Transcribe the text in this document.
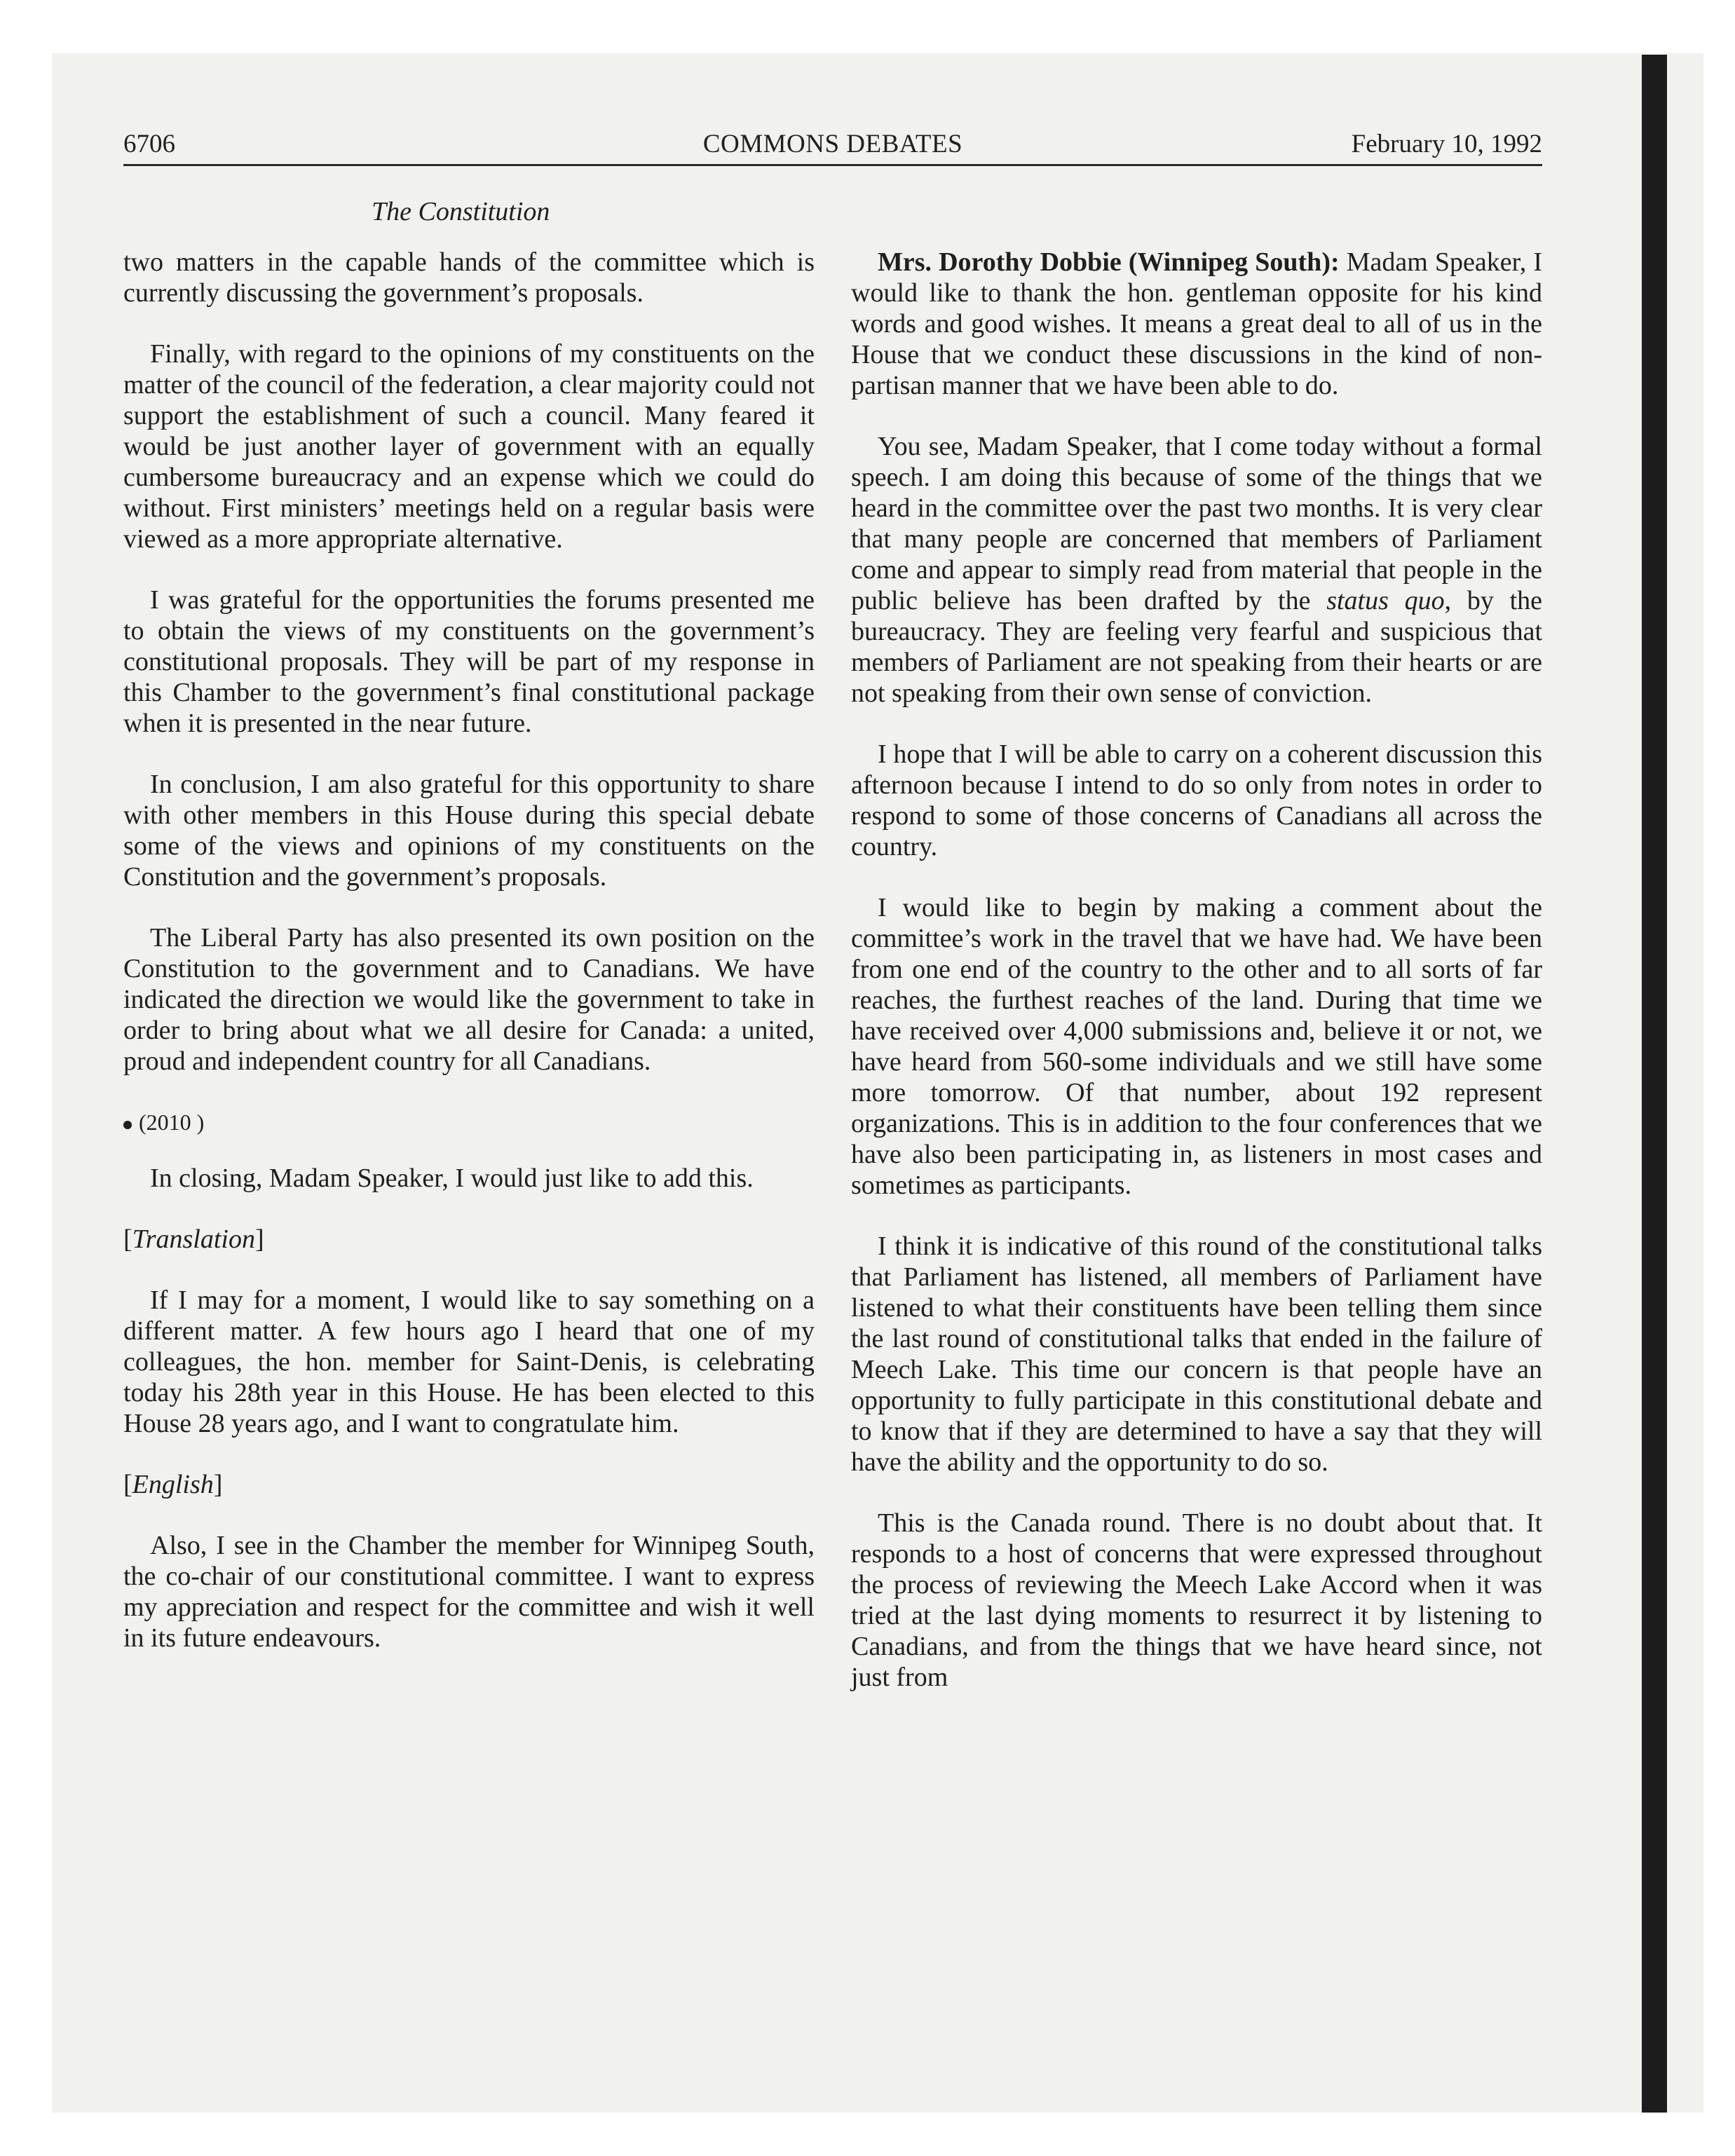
6706	COMMONS DEBATES	February 10, 1992
The Constitution

two matters in the capable hands of the committee which is currently discussing the government’s proposals.

Finally, with regard to the opinions of my constituents on the matter of the council of the federation, a clear majority could not support the establishment of such a council. Many feared it would be just another layer of government with an equally cumbersome bureaucracy and an expense which we could do without. First ministers’ meetings held on a regular basis were viewed as a more appropriate alternative.

I was grateful for the opportunities the forums presented me to obtain the views of my constituents on the government’s constitutional proposals. They will be part of my response in this Chamber to the government’s final constitutional package when it is presented in the near future.

In conclusion, I am also grateful for this opportunity to share with other members in this House during this special debate some of the views and opinions of my constituents on the Constitution and the government’s proposals.

The Liberal Party has also presented its own position on the Constitution to the government and to Canadians. We have indicated the direction we would like the government to take in order to bring about what we all desire for Canada: a united, proud and independent country for all Canadians.

(2010 )

In closing, Madam Speaker, I would just like to add this.

[Translation]

If I may for a moment, I would like to say something on a different matter. A few hours ago I heard that one of my colleagues, the hon. member for Saint-Denis, is celebrating today his 28th year in this House. He has been elected to this House 28 years ago, and I want to congratulate him.

[English]

Also, I see in the Chamber the member for Winnipeg South, the co-chair of our constitutional committee. I want to express my appreciation and respect for the committee and wish it well in its future endeavours.

Mrs. Dorothy Dobbie (Winnipeg South): Madam Speaker, I would like to thank the hon. gentleman opposite for his kind words and good wishes. It means a great deal to all of us in the House that we conduct these discussions in the kind of non-partisan manner that we have been able to do.

You see, Madam Speaker, that I come today without a formal speech. I am doing this because of some of the things that we heard in the committee over the past two months. It is very clear that many people are concerned that members of Parliament come and appear to simply read from material that people in the public believe has been drafted by the status quo, by the bureaucracy. They are feeling very fearful and suspicious that members of Parliament are not speaking from their hearts or are not speaking from their own sense of conviction.

I hope that I will be able to carry on a coherent discussion this afternoon because I intend to do so only from notes in order to respond to some of those concerns of Canadians all across the country.

I would like to begin by making a comment about the committee’s work in the travel that we have had. We have been from one end of the country to the other and to all sorts of far reaches, the furthest reaches of the land. During that time we have received over 4,000 submissions and, believe it or not, we have heard from 560-some individuals and we still have some more tomorrow. Of that number, about 192 represent organizations. This is in addition to the four conferences that we have also been participating in, as listeners in most cases and sometimes as participants.

I think it is indicative of this round of the constitutional talks that Parliament has listened, all members of Parliament have listened to what their constituents have been telling them since the last round of constitutional talks that ended in the failure of Meech Lake. This time our concern is that people have an opportunity to fully participate in this constitutional debate and to know that if they are determined to have a say that they will have the ability and the opportunity to do so.

This is the Canada round. There is no doubt about that. It responds to a host of concerns that were expressed throughout the process of reviewing the Meech Lake Accord when it was tried at the last dying moments to resurrect it by listening to Canadians, and from the things that we have heard since, not just from
